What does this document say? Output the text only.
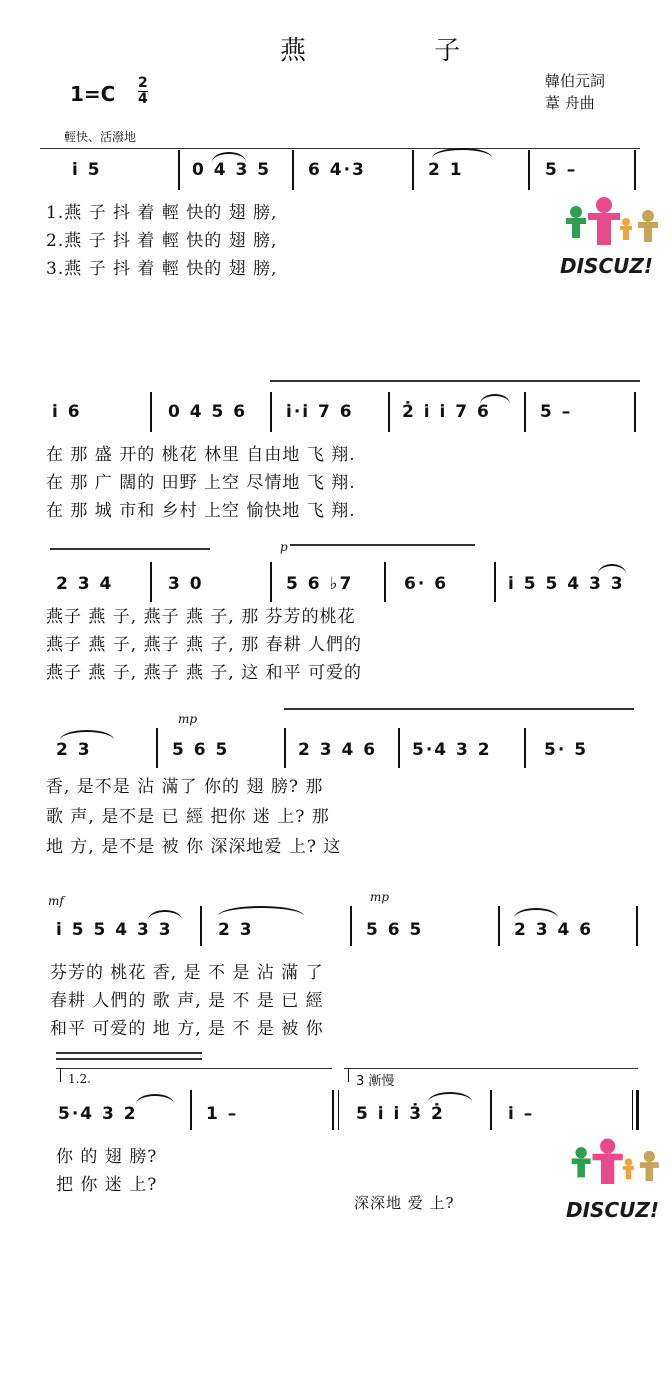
燕 子
1=C 2
4
韓伯元詞
葦 舟曲
輕快、活潑地
i̇ 5	0 4 3 5 6 4·3	2 1	5 –
1.燕 子 抖 着 輕 快的 翅 膀,
2.燕 子 抖 着 輕 快的 翅 膀,
3.燕 子 抖 着 輕 快的 翅 膀,
i̇ 6	0 4 5 6 i̇·i̇ 7 6	2̇ i̇ i̇ 7 6	5 –
在 那 盛 开的 桃花 林里 自由地 飞 翔.
在 那 广 闊的 田野 上空 尽情地 飞 翔.
在 那 城 市和 乡村 上空 愉快地 飞 翔.
p
2 3 4	3 0	5 6 ♭7	6· 6	i̇ 5 5 4 3 3
燕子 燕 子, 燕子 燕 子, 那 芬芳的桃花
燕子 燕 子, 燕子 燕 子, 那 春耕 人們的
燕子 燕 子, 燕子 燕 子, 这 和平 可爱的
mp
2 3	5 6 5	2 3 4 6 5·4 3 2	5· 5
香, 是不是 沾 滿了 你的 翅 膀? 那
歌 声, 是不是 已 經 把你 迷 上? 那
地 方, 是不是 被 你 深深地爱 上? 这
mf	mp
i̇ 5 5 4 3 3	2 3	5 6 5	2 3 4 6
芬芳的 桃花 香, 是 不 是 沾 滿 了
春耕 人們的 歌 声, 是 不 是 已 經
和平 可爱的 地 方, 是 不 是 被 你
1.2.	3 漸慢
5·4 3 2	1 –	5 i̇ i̇ 3̇ 2̇	i̇ –
你 的 翅 膀?
把 你 迷 上?
深深地 爱 上?
DISCUZ!
DISCUZ!
